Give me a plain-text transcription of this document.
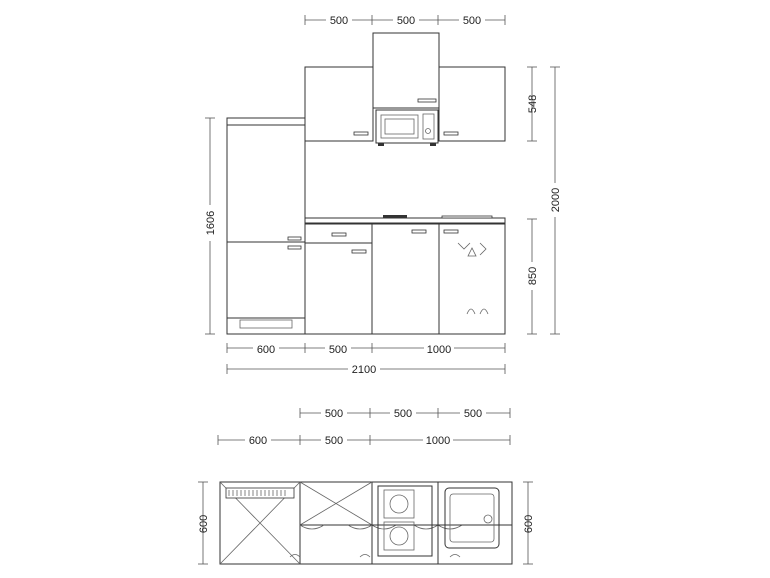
500	500	500
548
2000
850
1606
600	500	1000
2100
500	500	500
600	500	1000
600	600
